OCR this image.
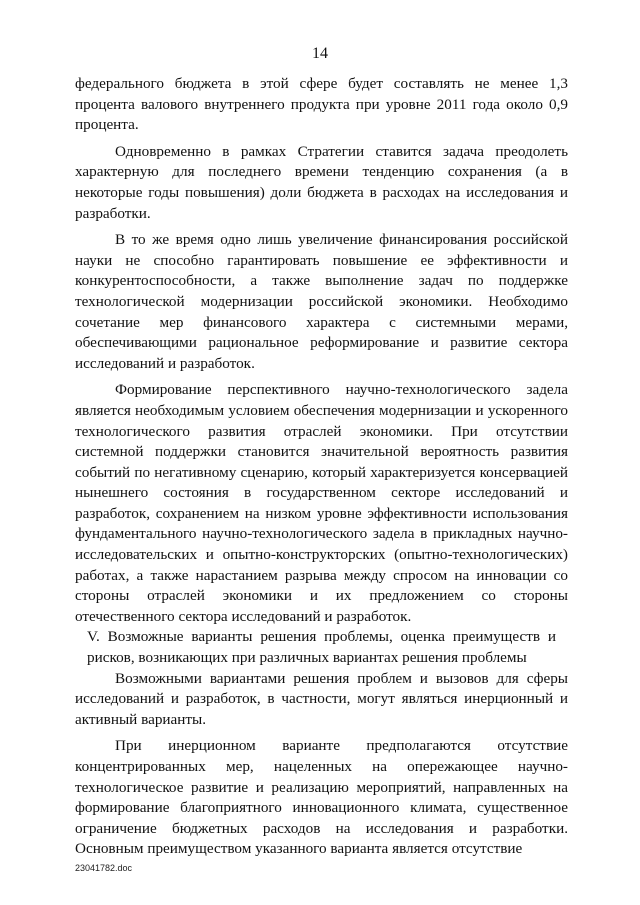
14

федерального бюджета в этой сфере будет составлять не менее 1,3 процента валового внутреннего продукта при уровне 2011 года около 0,9 процента.

Одновременно в рамках Стратегии ставится задача преодолеть характерную для последнего времени тенденцию сохранения (а в некоторые годы повышения) доли бюджета в расходах на исследования и разработки.

В то же время одно лишь увеличение финансирования российской науки не способно гарантировать повышение ее эффективности и конкурентоспособности, а также выполнение задач по поддержке технологической модернизации российской экономики. Необходимо сочетание мер финансового характера с системными мерами, обеспечивающими рациональное реформирование и развитие сектора исследований и разработок.

Формирование перспективного научно-технологического задела является необходимым условием обеспечения модернизации и ускоренного технологического развития отраслей экономики. При отсутствии системной поддержки становится значительной вероятность развития событий по негативному сценарию, который характеризуется консервацией нынешнего состояния в государственном секторе исследований и разработок, сохранением на низком уровне эффективности использования фундаментального научно-технологического задела в прикладных научно-исследовательских и опытно-конструкторских (опытно-технологических) работах, а также нарастанием разрыва между спросом на инновации со стороны отраслей экономики и их предложением со стороны отечественного сектора исследований и разработок.

V. Возможные варианты решения проблемы, оценка преимуществ и рисков, возникающих при различных вариантах решения проблемы

Возможными вариантами решения проблем и вызовов для сферы исследований и разработок, в частности, могут являться инерционный и активный варианты.

При инерционном варианте предполагаются отсутствие концентрированных мер, нацеленных на опережающее научно-технологическое развитие и реализацию мероприятий, направленных на формирование благоприятного инновационного климата, существенное ограничение бюджетных расходов на исследования и разработки. Основным преимуществом указанного варианта является отсутствие

23041782.doc
